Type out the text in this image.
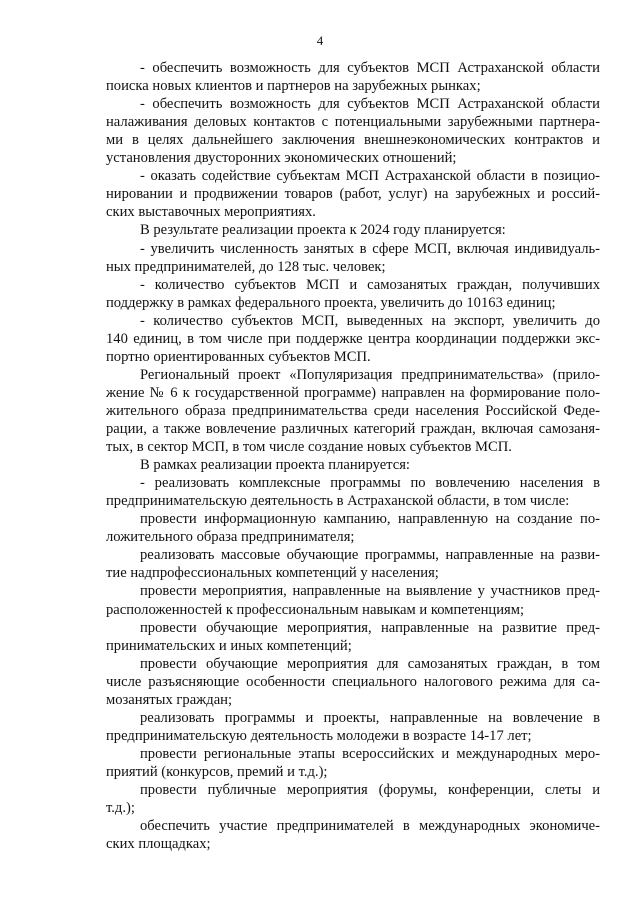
4
- обеспечить возможность для субъектов МСП Астраханской области
поиска новых клиентов и партнеров на зарубежных рынках;
- обеспечить возможность для субъектов МСП Астраханской области
налаживания деловых контактов с потенциальными зарубежными партнера-
ми в целях дальнейшего заключения внешнеэкономических контрактов и
установления двусторонних экономических отношений;
- оказать содействие субъектам МСП Астраханской области в позицио-
нировании и продвижении товаров (работ, услуг) на зарубежных и россий-
ских выставочных мероприятиях.
В результате реализации проекта к 2024 году планируется:
- увеличить численность занятых в сфере МСП, включая индивидуаль-
ных предпринимателей, до 128 тыс. человек;
- количество субъектов МСП и самозанятых граждан, получивших
поддержку в рамках федерального проекта, увеличить до 10163 единиц;
- количество субъектов МСП, выведенных на экспорт, увеличить до
140 единиц, в том числе при поддержке центра координации поддержки экс-
портно ориентированных субъектов МСП.
Региональный проект «Популяризация предпринимательства» (прило-
жение № 6 к государственной программе) направлен на формирование поло-
жительного образа предпринимательства среди населения Российской Феде-
рации, а также вовлечение различных категорий граждан, включая самозаня-
тых, в сектор МСП, в том числе создание новых субъектов МСП.
В рамках реализации проекта планируется:
- реализовать комплексные программы по вовлечению населения в
предпринимательскую деятельность в Астраханской области, в том числе:
провести информационную кампанию, направленную на создание по-
ложительного образа предпринимателя;
реализовать массовые обучающие программы, направленные на разви-
тие надпрофессиональных компетенций у населения;
провести мероприятия, направленные на выявление у участников пред-
расположенностей к профессиональным навыкам и компетенциям;
провести обучающие мероприятия, направленные на развитие пред-
принимательских и иных компетенций;
провести обучающие мероприятия для самозанятых граждан, в том
числе разъясняющие особенности специального налогового режима для са-
мозанятых граждан;
реализовать программы и проекты, направленные на вовлечение в
предпринимательскую деятельность молодежи в возрасте 14-17 лет;
провести региональные этапы всероссийских и международных меро-
приятий (конкурсов, премий и т.д.);
провести публичные мероприятия (форумы, конференции, слеты и
т.д.);
обеспечить участие предпринимателей в международных экономиче-
ских площадках;
